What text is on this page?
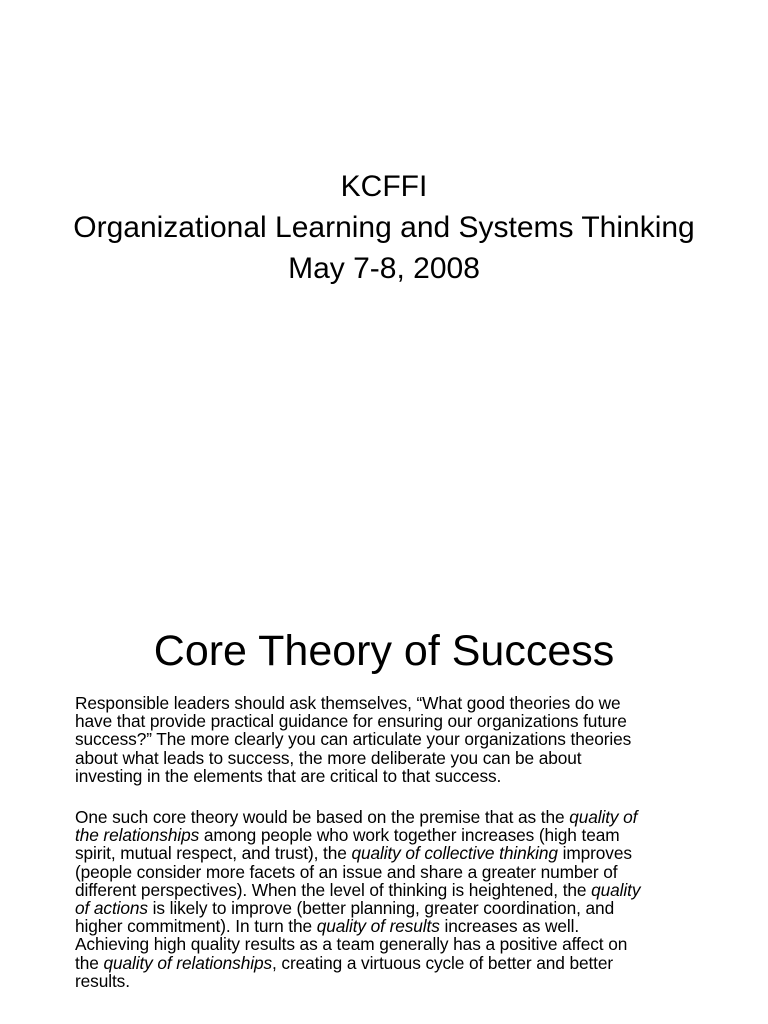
KCFFI
Organizational Learning and Systems Thinking
May 7-8, 2008
Core Theory of Success
Responsible leaders should ask themselves, “What good theories do we
have that provide practical guidance for ensuring our organizations future
success?” The more clearly you can articulate your organizations theories
about what leads to success, the more deliberate you can be about
investing in the elements that are critical to that success.
One such core theory would be based on the premise that as the quality of
the relationships among people who work together increases (high team
spirit, mutual respect, and trust), the quality of collective thinking improves
(people consider more facets of an issue and share a greater number of
different perspectives). When the level of thinking is heightened, the quality
of actions is likely to improve (better planning, greater coordination, and
higher commitment). In turn the quality of results increases as well.
Achieving high quality results as a team generally has a positive affect on
the quality of relationships, creating a virtuous cycle of better and better
results.
